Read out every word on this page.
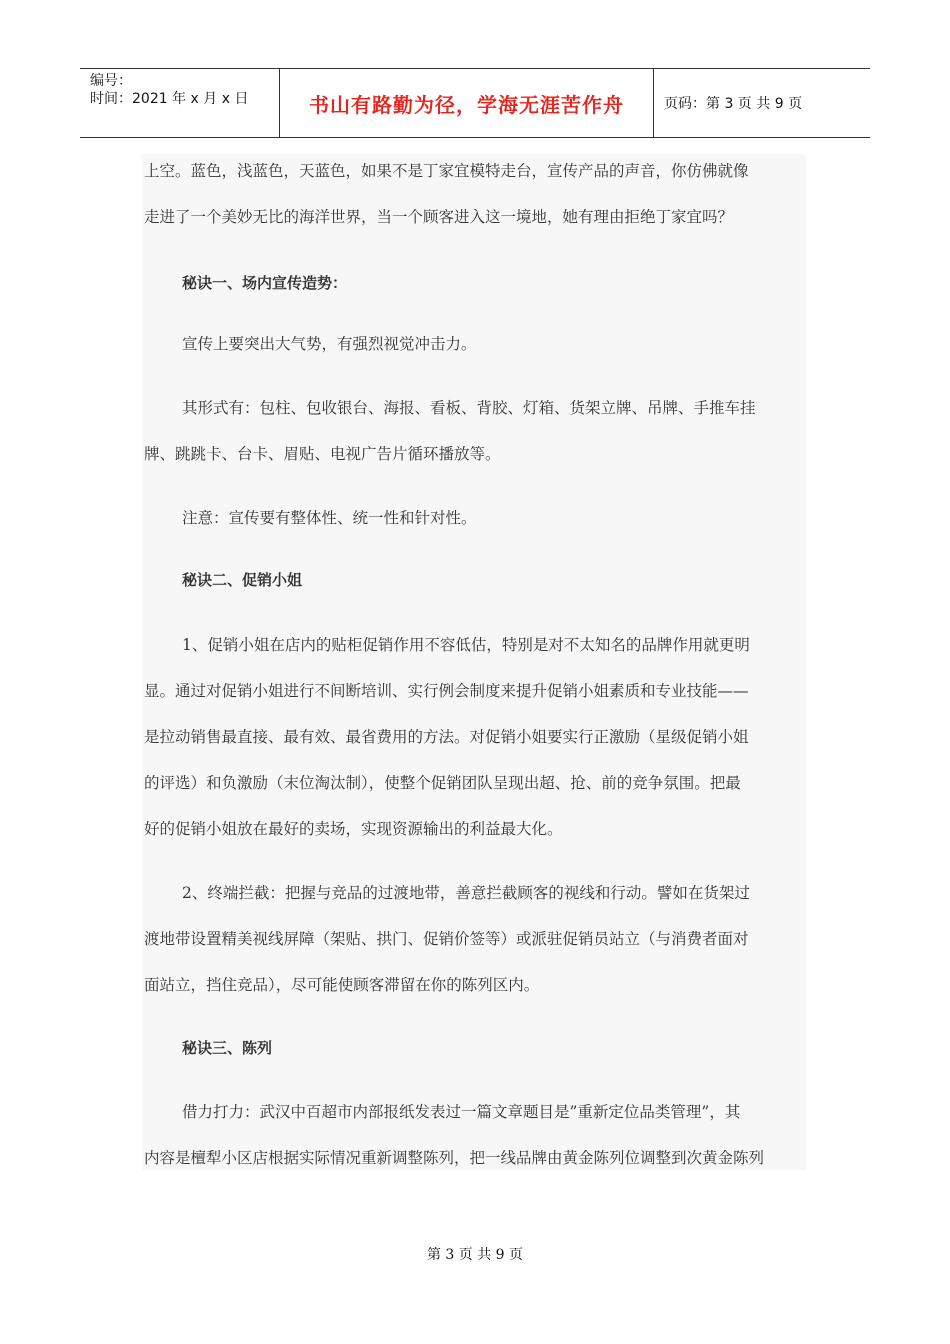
编号：
时间：2021 年 x 月 x 日	书山有路勤为径，学海无涯苦作舟	页码：第 3 页 共 9 页

上空。蓝色，浅蓝色，天蓝色，如果不是丁家宜模特走台，宣传产品的声音，你仿佛就像

走进了一个美妙无比的海洋世界，当一个顾客进入这一境地，她有理由拒绝丁家宜吗？

秘诀一、场内宣传造势：

宣传上要突出大气势，有强烈视觉冲击力。

其形式有：包柱、包收银台、海报、看板、背胶、灯箱、货架立牌、吊牌、手推车挂

牌、跳跳卡、台卡、眉贴、电视广告片循环播放等。

注意：宣传要有整体性、统一性和针对性。

秘诀二、促销小姐

1、促销小姐在店内的贴柜促销作用不容低估，特别是对不太知名的品牌作用就更明

显。通过对促销小姐进行不间断培训、实行例会制度来提升促销小姐素质和专业技能——

是拉动销售最直接、最有效、最省费用的方法。对促销小姐要实行正激励（星级促销小姐

的评选）和负激励（末位淘汰制），使整个促销团队呈现出超、抢、前的竞争氛围。把最

好的促销小姐放在最好的卖场，实现资源输出的利益最大化。

2、终端拦截：把握与竞品的过渡地带，善意拦截顾客的视线和行动。譬如在货架过

渡地带设置精美视线屏障（架贴、拱门、促销价签等）或派驻促销员站立（与消费者面对

面站立，挡住竞品），尽可能使顾客滞留在你的陈列区内。

秘诀三、陈列

借力打力：武汉中百超市内部报纸发表过一篇文章题目是”重新定位品类管理”，其

内容是檀犁小区店根据实际情况重新调整陈列，把一线品牌由黄金陈列位调整到次黄金陈列

第 3 页 共 9 页
